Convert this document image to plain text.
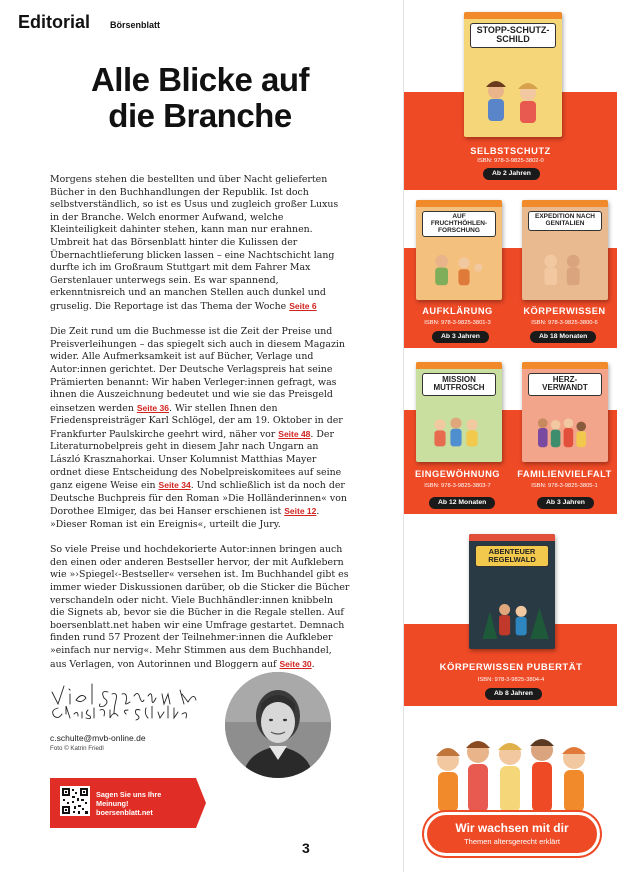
Editorial Börsenblatt
Alle Blicke auf
die Branche

Morgens stehen die bestellten und über Nacht gelieferten Bücher in den Buchhandlungen der Republik. Ist doch selbstverständlich, so ist es Usus und zugleich großer Luxus in der Branche. Welch enormer Aufwand, welche Kleinteiligkeit dahinter stehen, kann man nur erahnen. Umbreit hat das Börsenblatt hinter die Kulissen der Übernachtlieferung blicken lassen – eine Nachtschicht lang durfte ich im Großraum Stuttgart mit dem Fahrer Max Gerstenlauer unterwegs sein. Es war spannend, erkenntnisreich und an manchen Stellen auch dunkel und gruselig. Die Reportage ist das Thema der Woche Seite 6

Die Zeit rund um die Buchmesse ist die Zeit der Preise und Preisverleihungen – das spiegelt sich auch in diesem Magazin wider. Alle Aufmerksamkeit ist auf Bücher, Verlage und Autor:innen gerichtet. Der Deutsche Verlagspreis hat seine Prämierten benannt: Wir haben Verleger:innen gefragt, was ihnen die Auszeichnung bedeutet und wie sie das Preisgeld einsetzen werden Seite 36. Wir stellen Ihnen den Friedenspreisträger Karl Schlögel, der am 19. Oktober in der Frankfurter Paulskirche geehrt wird, näher vor Seite 48. Der Literaturnobelpreis geht in diesem Jahr nach Ungarn an László Krasznahorkai. Unser Kolumnist Matthias Mayer ordnet diese Entscheidung des Nobelpreiskomitees auf seine ganz eigene Weise ein Seite 34. Und schließlich ist da noch der Deutsche Buchpreis für den Roman »Die Holländerinnen« von Dorothee Elmiger, das bei Hanser erschienen ist Seite 12. »Dieser Roman ist ein Ereignis«, urteilt die Jury.

So viele Preise und hochdekorierte Autor:innen bringen auch den einen oder anderen Bestseller hervor, der mit Aufklebern wie »›Spiegel‹-Bestseller« versehen ist. Im Buchhandel gibt es immer wieder Diskussionen darüber, ob die Sticker die Bücher verschandeln oder nicht. Viele Buchhändler:innen knibbeln die Signets ab, bevor sie die Bücher in die Regale stellen. Auf boersenblatt.net haben wir eine Umfrage gestartet. Demnach finden rund 57 Prozent der Teilnehmer:innen die Aufkleber »einfach nur nervig«. Mehr Stimmen aus dem Buchhandel, aus Verlagen, von Autorinnen und Bloggern auf Seite 30.

c.schulte@mvb-online.de
Foto © Katrin Friedl
Sagen Sie uns Ihre
Meinung!
boersenblatt.net
3
STOPP-SCHUTZ-SCHILD
SELBSTSCHUTZ
ISBN: 978-3-9825-3802-0
Ab 2 Jahren
AUF FRUCHTHÖHLEN-FORSCHUNG
EXPEDITION NACH GENITALIEN
AUFKLÄRUNG
ISBN: 978-3-9825-3801-3
Ab 3 Jahren
KÖRPERWISSEN
ISBN: 978-3-9825-3800-6
Ab 18 Monaten
MISSION MUTFROSCH
HERZ-VERWANDT
EINGEWÖHNUNG
ISBN: 978-3-9825-3803-7
Ab 12 Monaten
FAMILIENVIELFALT
ISBN: 978-3-9825-3805-1
Ab 3 Jahren
ABENTEUER REGELWALD
KÖRPERWISSEN PUBERTÄT
ISBN: 978-3-9825-3804-4
Ab 8 Jahren
Wir wachsen mit dir
Themen altersgerecht erklärt
